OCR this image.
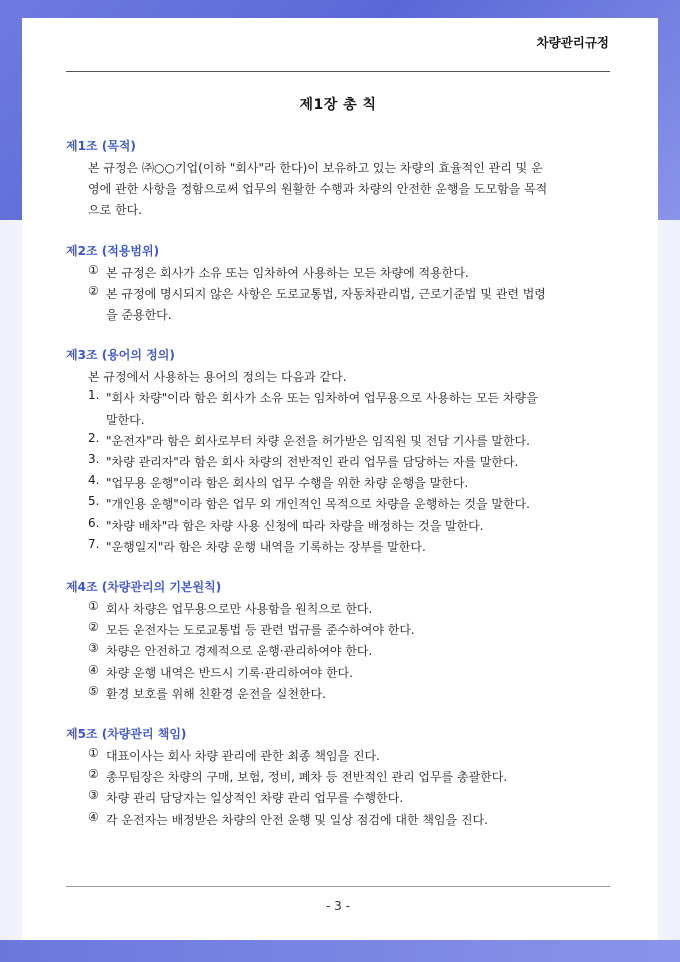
차량관리규정
제1장 총 칙
제1조 (목적)
본 규정은 ㈜○○기업(이하 "회사"라 한다)이 보유하고 있는 차량의 효율적인 관리 및 운
영에 관한 사항을 정함으로써 업무의 원활한 수행과 차량의 안전한 운행을 도모함을 목적
으로 한다.
제2조 (적용범위)
① 본 규정은 회사가 소유 또는 임차하여 사용하는 모든 차량에 적용한다.
② 본 규정에 명시되지 않은 사항은 도로교통법, 자동차관리법, 근로기준법 및 관련 법령
을 준용한다.
제3조 (용어의 정의)
본 규정에서 사용하는 용어의 정의는 다음과 같다.
1. "회사 차량"이라 함은 회사가 소유 또는 임차하여 업무용으로 사용하는 모든 차량을
말한다.
2. "운전자"라 함은 회사로부터 차량 운전을 허가받은 임직원 및 전담 기사를 말한다.
3. "차량 관리자"라 함은 회사 차량의 전반적인 관리 업무를 담당하는 자를 말한다.
4. "업무용 운행"이라 함은 회사의 업무 수행을 위한 차량 운행을 말한다.
5. "개인용 운행"이라 함은 업무 외 개인적인 목적으로 차량을 운행하는 것을 말한다.
6. "차량 배차"라 함은 차량 사용 신청에 따라 차량을 배정하는 것을 말한다.
7. "운행일지"라 함은 차량 운행 내역을 기록하는 장부를 말한다.
제4조 (차량관리의 기본원칙)
① 회사 차량은 업무용으로만 사용함을 원칙으로 한다.
② 모든 운전자는 도로교통법 등 관련 법규를 준수하여야 한다.
③ 차량은 안전하고 경제적으로 운행·관리하여야 한다.
④ 차량 운행 내역은 반드시 기록·관리하여야 한다.
⑤ 환경 보호를 위해 친환경 운전을 실천한다.
제5조 (차량관리 책임)
① 대표이사는 회사 차량 관리에 관한 최종 책임을 진다.
② 총무팀장은 차량의 구매, 보험, 정비, 폐차 등 전반적인 관리 업무를 총괄한다.
③ 차량 관리 담당자는 일상적인 차량 관리 업무를 수행한다.
④ 각 운전자는 배정받은 차량의 안전 운행 및 일상 점검에 대한 책임을 진다.
- 3 -
